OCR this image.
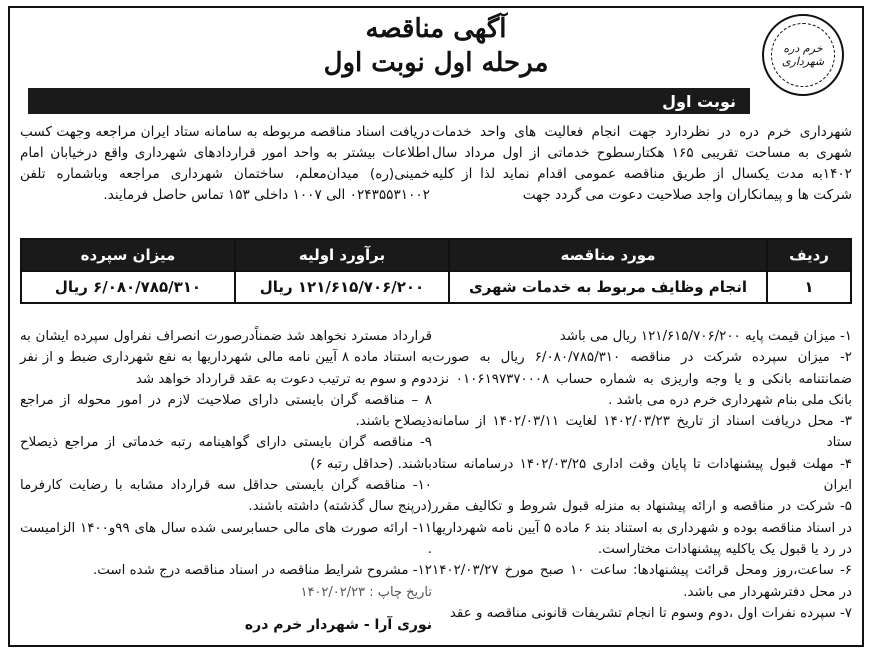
خرم دره
شهرداری
آگهی مناقصه
مرحله اول نوبت اول
نوبت اول
شهرداری خرم دره در نظردارد جهت انجام فعالیت های واحد خدمات شهری به مساحت تقریبی ۱۶۵ هکتارسطوح خدماتی از اول مرداد سال ۱۴۰۲به مدت یکسال از طریق مناقصه عمومی اقدام نماید لذا از کلیه شرکت ها و پیمانکاران واجد صلاحیت دعوت می گردد جهت
دریافت اسناد مناقصه مربوطه به سامانه ستاد ایران مراجعه وجهت کسب اطلاعات بیشتر به واحد امور قراردادهای شهرداری واقع درخیابان امام خمینی(ره) میدان‌معلم، ساختمان شهرداری مراجعه وباشماره تلفن ۰۲۴۳۵۵۳۱۰۰۲ الی ۱۰۰۷ داخلی ۱۵۳ تماس حاصل فرمایند.
ردیف	مورد مناقصه	برآورد اولیه	میزان سپرده
۱	انجام وظایف مربوط به خدمات شهری	۱۲۱/۶۱۵/۷۰۶/۲۰۰ ریال	۶/۰۸۰/۷۸۵/۳۱۰ ریال

۱- میزان قیمت پایه ۱۲۱/۶۱۵/۷۰۶/۲۰۰ ریال می باشد

۲- میزان سپرده شرکت در مناقصه ۶/۰۸۰/۷۸۵/۳۱۰ ریال به صورت ضمانتنامه بانکی و یا وجه واریزی به شماره حساب ۰۱۰۶۱۹۷۳۷۰۰۰۸ نزد بانک ملی بنام شهرداری خرم دره می باشد .

۳- محل دریافت اسناد از تاریخ ۱۴۰۲/۰۳/۲۳ لغایت ۱۴۰۲/۰۳/۱۱ از سامانه ستاد

۴- مهلت قبول پیشنهادات تا پایان وقت اداری ۱۴۰۲/۰۳/۲۵ درسامانه ستاد ایران

۵- شرکت در مناقصه و ارائه پیشنهاد به منزله قبول شروط و تکالیف مقرر در اسناد مناقصه بوده و شهرداری به استناد بند ۶ ماده ۵ آیین نامه شهرداریها در رد یا قبول یک یاکلیه پیشنهادات مختاراست.

۶- ساعت،روز ومحل قرائت پیشنهادها: ساعت ۱۰ صبح مورخ ۱۴۰۲/۰۳/۲۷ در محل دفترشهردار می باشد.

۷- سپرده نفرات اول ،دوم وسوم تا انجام تشریفات قانونی مناقصه و عقد

قرارداد مسترد نخواهد شد ضمناًدرصورت انصراف نفراول سپرده ایشان به به استناد ماده ۸ آیین نامه مالی شهرداریها به نفع شهرداری ضبط و از نفر دوم و سوم به ترتیب دعوت به عقد قرارداد خواهد شد

۸ – مناقصه گران بایستی دارای صلاحیت لازم در امور محوله از مراجع ذیصلاح باشند.

۹- مناقصه گران بایستی دارای گواهینامه رتبه خدماتی از مراجع ذیصلاح باشند. (حداقل رتبه ۶)

۱۰- مناقصه گران بایستی حداقل سه قرارداد مشابه با رضایت کارفرما (درپنج سال گذشته) داشته باشند.

۱۱- ارائه صورت های مالی حسابرسی شده سال های ۹۹و۱۴۰۰ الزامیست .

۱۲- مشروح شرایط مناقصه در اسناد مناقصه درج شده است.

تاریخ چاپ : ۱۴۰۲/۰۲/۲۳

نوری آرا - شهردار خرم دره
